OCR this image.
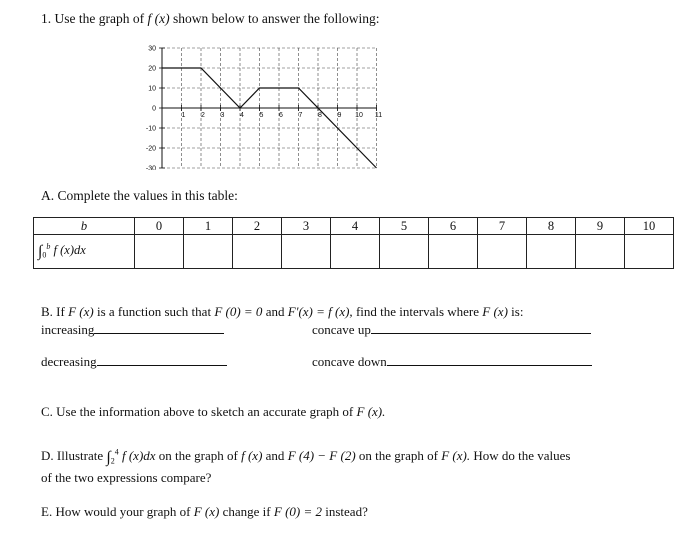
1. Use the graph of f (x) shown below to answer the following:
30
20
10
0
-10
-20
-30
1 2 3 4 5 6 7 8 9 10 11
A. Complete the values in this table:
b	0	1	2	3	4	5	6	7	8	9	10
$\int_0^b$ f (x)dx											
B. If F (x) is a function such that F (0) = 0 and F'(x) = f (x), find the intervals where F (x) is:
increasing	concave up
decreasing	concave down
C. Use the information above to sketch an accurate graph of F (x).
D. Illustrate $\int_2^4$ f (x)dx on the graph of f (x) and F (4) − F (2) on the graph of F (x). How do the values
of the two expressions compare?
E. How would your graph of F (x) change if F (0) = 2 instead?
